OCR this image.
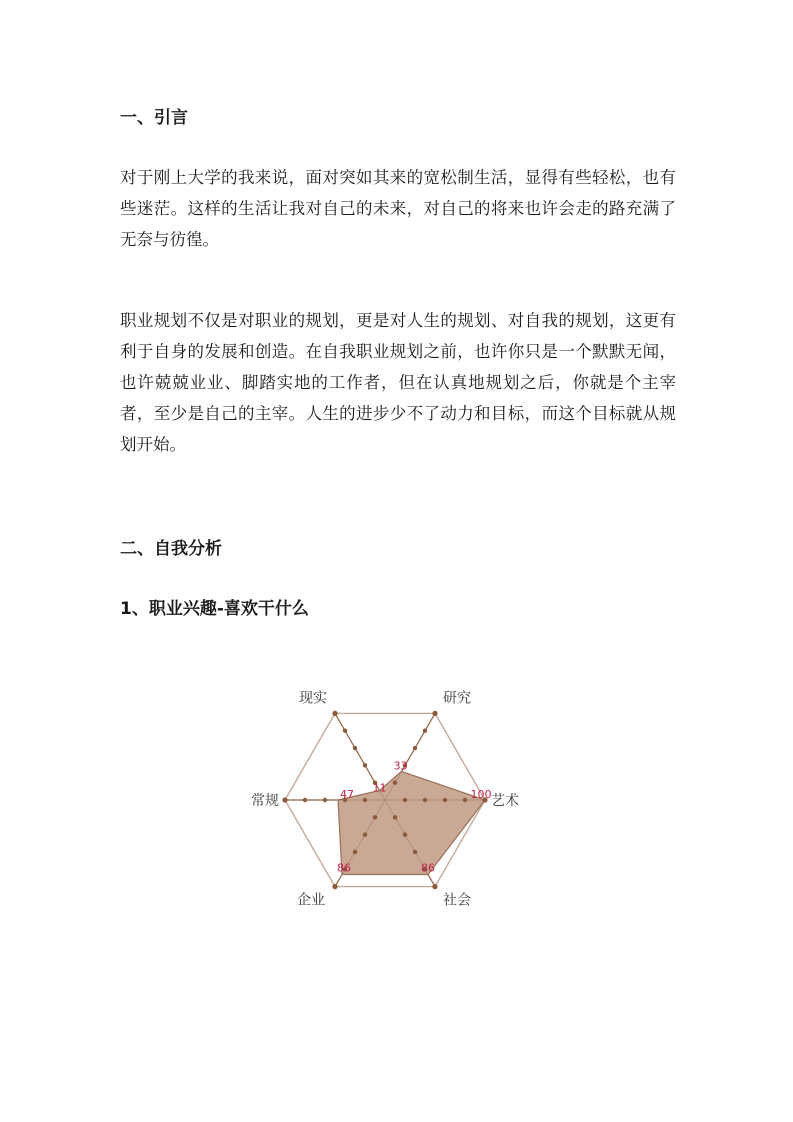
一、引言

对于刚上大学的我来说，面对突如其来的宽松制生活，显得有些轻松，也有些迷茫。这样的生活让我对自己的未来，对自己的将来也许会走的路充满了无奈与彷徨。

职业规划不仅是对职业的规划，更是对人生的规划、对自我的规划，这更有利于自身的发展和创造。在自我职业规划之前，也许你只是一个默默无闻，也许兢兢业业、脚踏实地的工作者，但在认真地规划之后，你就是个主宰者，至少是自己的主宰。人生的进步少不了动力和目标，而这个目标就从规划开始。

二、自我分析
1、职业兴趣-喜欢干什么
研究
艺术
社会
企业
常规
现实
33
100
86
86
47
11
